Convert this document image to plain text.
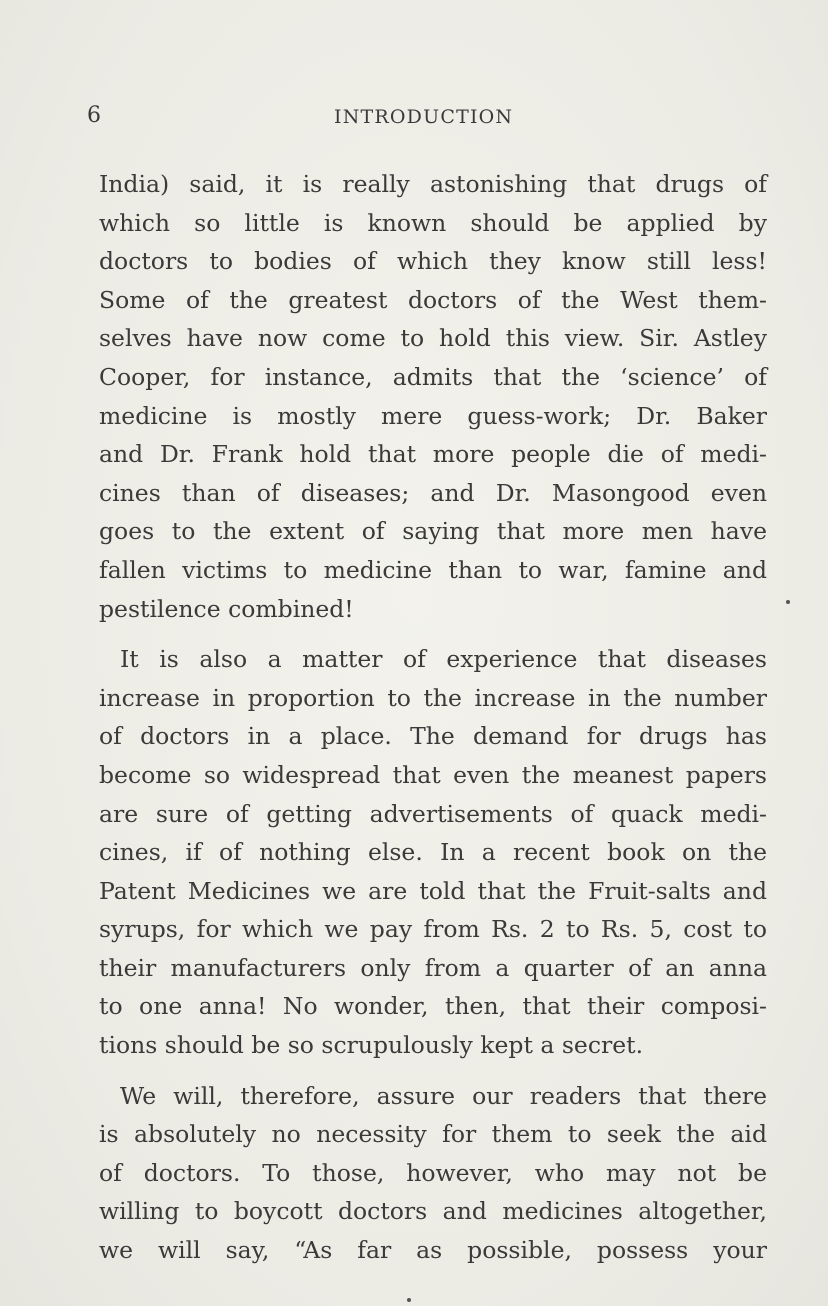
6	INTRODUCTION
India) said, it is really astonishing that drugs of
which so little is known should be applied by
doctors to bodies of which they know still less!
Some of the greatest doctors of the West them-
selves have now come to hold this view. Sir. Astley
Cooper, for instance, admits that the ‘science’ of
medicine is mostly mere guess-work; Dr. Baker
and Dr. Frank hold that more people die of medi-
cines than of diseases; and Dr. Masongood even
goes to the extent of saying that more men have
fallen victims to medicine than to war, famine and
pestilence combined!
It is also a matter of experience that diseases
increase in proportion to the increase in the number
of doctors in a place. The demand for drugs has
become so widespread that even the meanest papers
are sure of getting advertisements of quack medi-
cines, if of nothing else. In a recent book on the
Patent Medicines we are told that the Fruit-salts and
syrups, for which we pay from Rs. 2 to Rs. 5, cost to
their manufacturers only from a quarter of an anna
to one anna! No wonder, then, that their composi-
tions should be so scrupulously kept a secret.
We will, therefore, assure our readers that there
is absolutely no necessity for them to seek the aid
of doctors. To those, however, who may not be
willing to boycott doctors and medicines altogether,
we will say, “As far as possible, possess your
